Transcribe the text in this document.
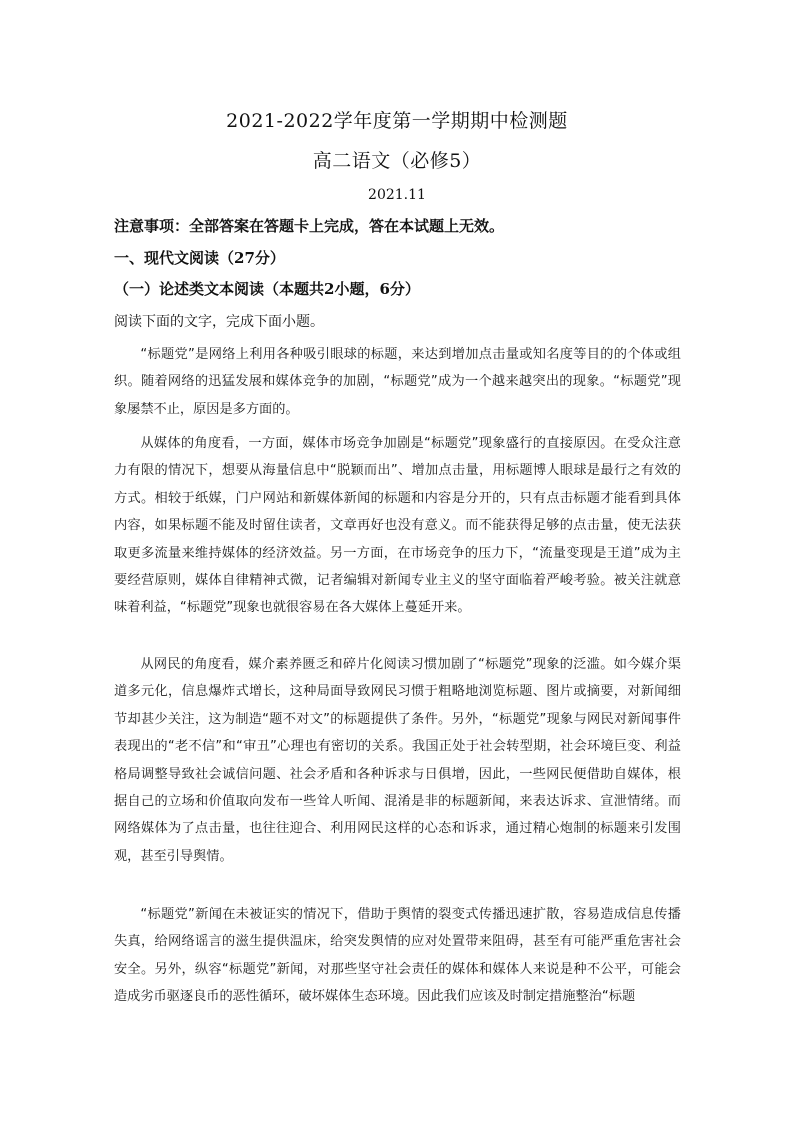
2021-2022学年度第一学期期中检测题
高二语文（必修5）
2021.11
注意事项：全部答案在答题卡上完成，答在本试题上无效。
一、现代文阅读（27分）
（一）论述类文本阅读（本题共2小题，6分）
阅读下面的文字，完成下面小题。
“标题党”是网络上利用各种吸引眼球的标题，来达到增加点击量或知名度等目的的个体或组织。随着网络的迅猛发展和媒体竞争的加剧，“标题党”成为一个越来越突出的现象。“标题党”现象屡禁不止，原因是多方面的。
从媒体的角度看，一方面，媒体市场竞争加剧是“标题党”现象盛行的直接原因。在受众注意力有限的情况下，想要从海量信息中“脱颖而出”、增加点击量，用标题博人眼球是最行之有效的方式。相较于纸媒，门户网站和新媒体新闻的标题和内容是分开的，只有点击标题才能看到具体内容，如果标题不能及时留住读者，文章再好也没有意义。而不能获得足够的点击量，使无法获取更多流量来维持媒体的经济效益。另一方面，在市场竞争的压力下，“流量变现是王道”成为主要经营原则，媒体自律精神式微，记者编辑对新闻专业主义的坚守面临着严峻考验。被关注就意味着利益，“标题党”现象也就很容易在各大媒体上蔓延开来。
从网民的角度看，媒介素养匮乏和碎片化阅读习惯加剧了“标题党”现象的泛滥。如今媒介渠道多元化，信息爆炸式增长，这种局面导致网民习惯于粗略地浏览标题、图片或摘要，对新闻细节却甚少关注，这为制造“题不对文”的标题提供了条件。另外，“标题党”现象与网民对新闻事件表现出的“老不信”和“审丑”心理也有密切的关系。我国正处于社会转型期，社会环境巨变、利益格局调整导致社会诚信问题、社会矛盾和各种诉求与日俱增，因此，一些网民便借助自媒体，根据自己的立场和价值取向发布一些耸人听闻、混淆是非的标题新闻，来表达诉求、宣泄情绪。而网络媒体为了点击量，也往往迎合、利用网民这样的心态和诉求，通过精心炮制的标题来引发围观，甚至引导舆情。
“标题党”新闻在未被证实的情况下，借助于舆情的裂变式传播迅速扩散，容易造成信息传播失真，给网络谣言的滋生提供温床，给突发舆情的应对处置带来阻碍，甚至有可能严重危害社会安全。另外，纵容“标题党”新闻，对那些坚守社会责任的媒体和媒体人来说是种不公平，可能会造成劣币驱逐良币的恶性循环，破坏媒体生态环境。因此我们应该及时制定措施整治“标题
